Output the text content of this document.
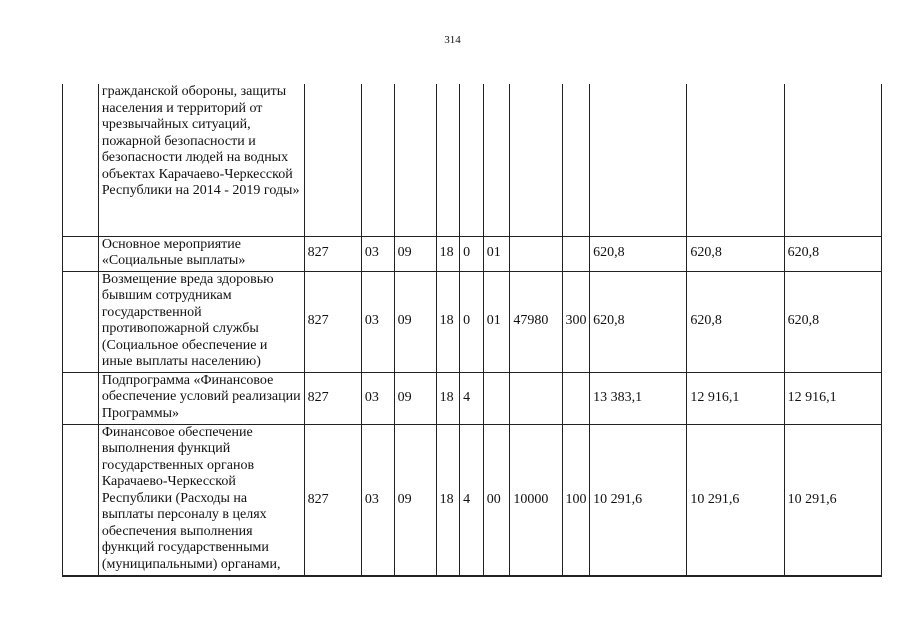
314
	гражданской обороны, защиты населения и территорий от чрезвычайных ситуаций, пожарной безопасности и безопасности людей на водных объектах Карачаево-Черкесской Республики на 2014 - 2019 годы»											
	Основное мероприятие «Социальные выплаты»	827	03	09	18	0	01			620,8	620,8	620,8
	Возмещение вреда здоровью бывшим сотрудникам государственной противопожарной службы (Социальное обеспечение и иные выплаты населению)	827	03	09	18	0	01	47980	300	620,8	620,8	620,8
	Подпрограмма «Финансовое обеспечение условий реализации Программы»	827	03	09	18	4				13 383,1	12 916,1	12 916,1
	Финансовое обеспечение выполнения функций государственных органов Карачаево-Черкесской Республики (Расходы на выплаты персоналу в целях обеспечения выполнения функций государственными (муниципальными) органами,	827	03	09	18	4	00	10000	100	10 291,6	10 291,6	10 291,6
